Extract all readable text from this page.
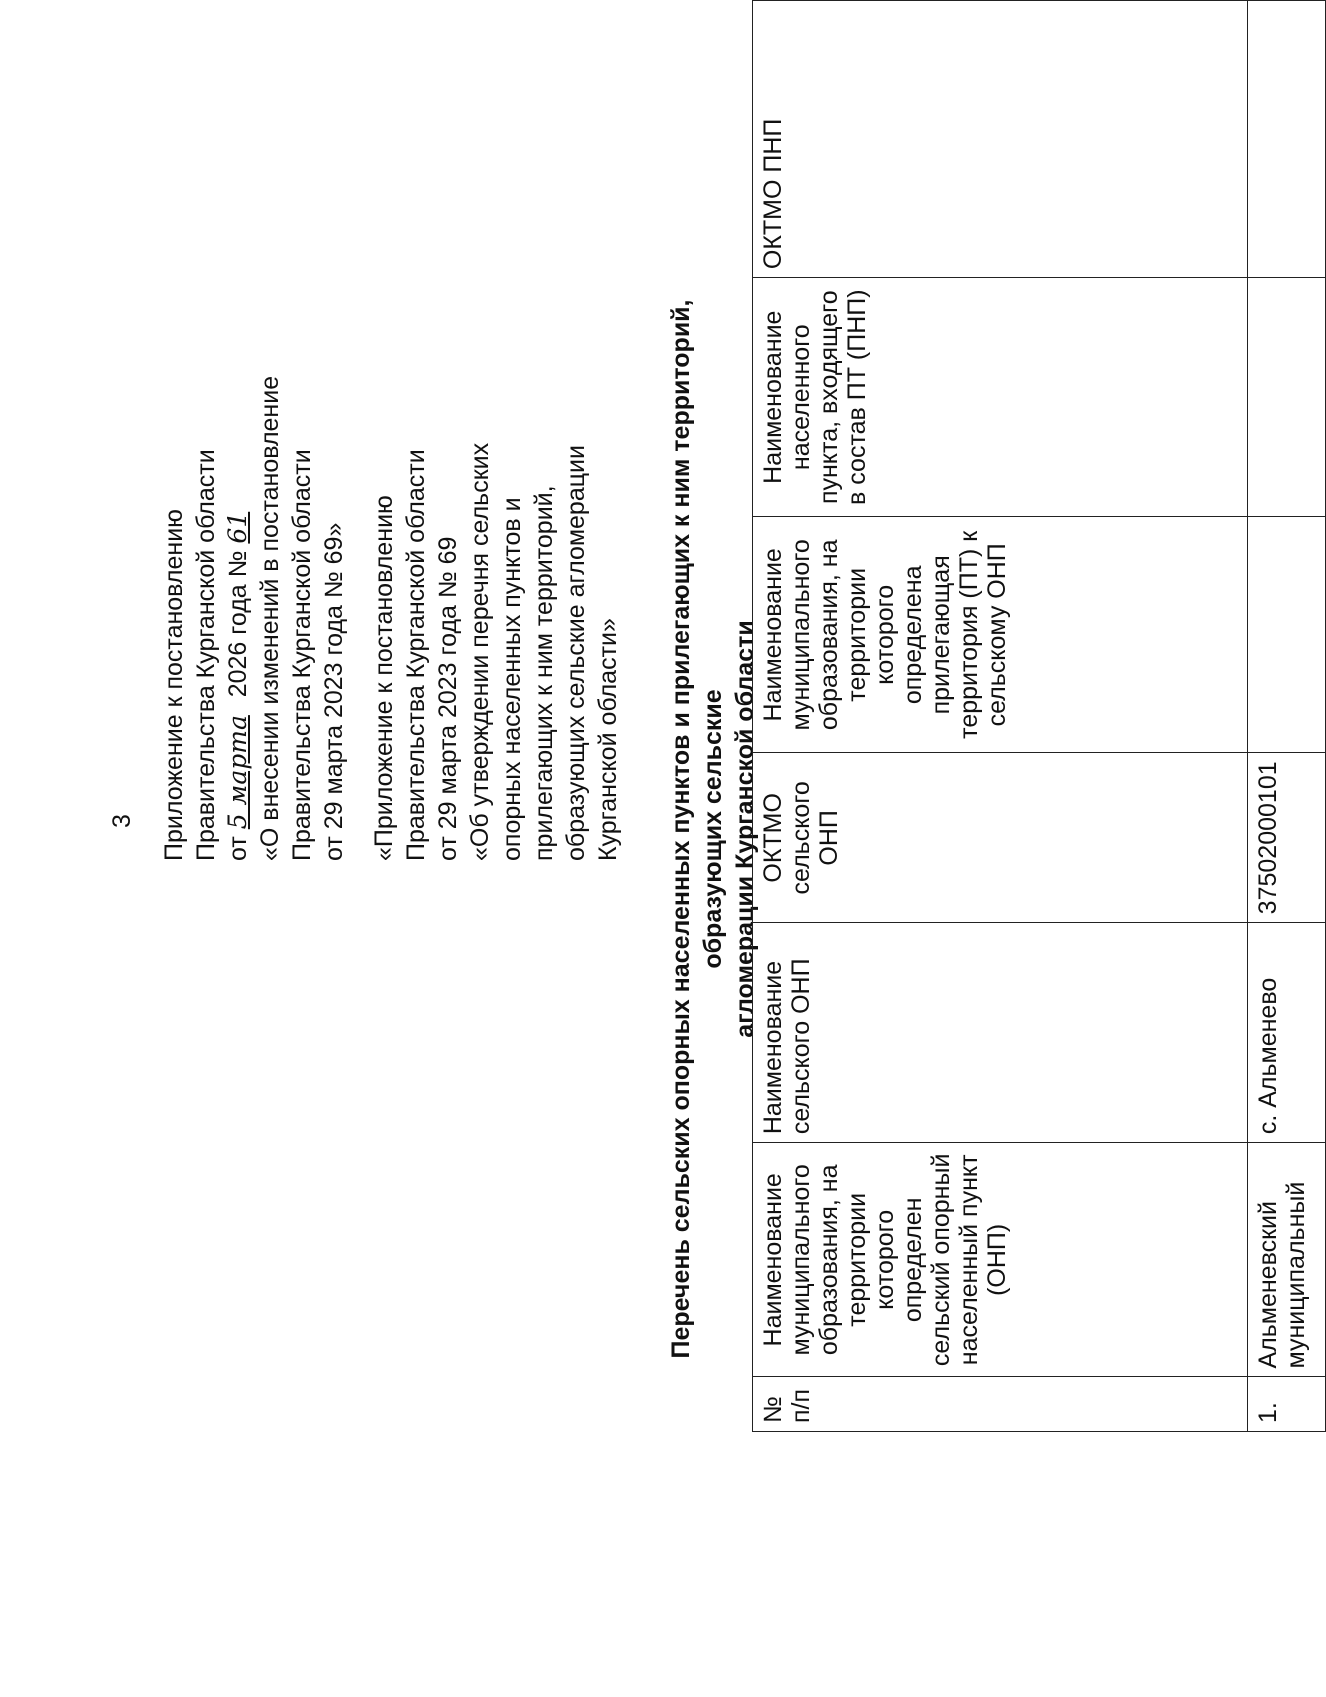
3 Приложение к постановлению Правительства Курганской области от 5 марта 2026 года № 61 «О внесении изменений в постановление Правительства Курганской области от 29 марта 2023 года № 69» «Приложение к постановлению Правительства Курганской области от 29 марта 2023 года № 69 «Об утверждении перечня сельских опорных населенных пунктов и прилегающих к ним территорий, образующих сельские агломерации Курганской области» Перечень сельских опорных населенных пунктов и прилегающих к ним территорий, образующих сельские агломерации Курганской области
№ п/п	Наименование муниципального образования, на территории которого определен сельский опорный населенный пункт (ОНП)	Наименование сельского ОНП	ОКТМО сельского ОНП	Наименование муниципального образования, на территории которого определена прилегающая территория (ПТ) к сельскому ОНП	Наименование населенного пункта, входящего в состав ПТ (ПНП)	ОКТМО ПНП
1.	Альменевский муниципальный	с. Альменево	37502000101			
